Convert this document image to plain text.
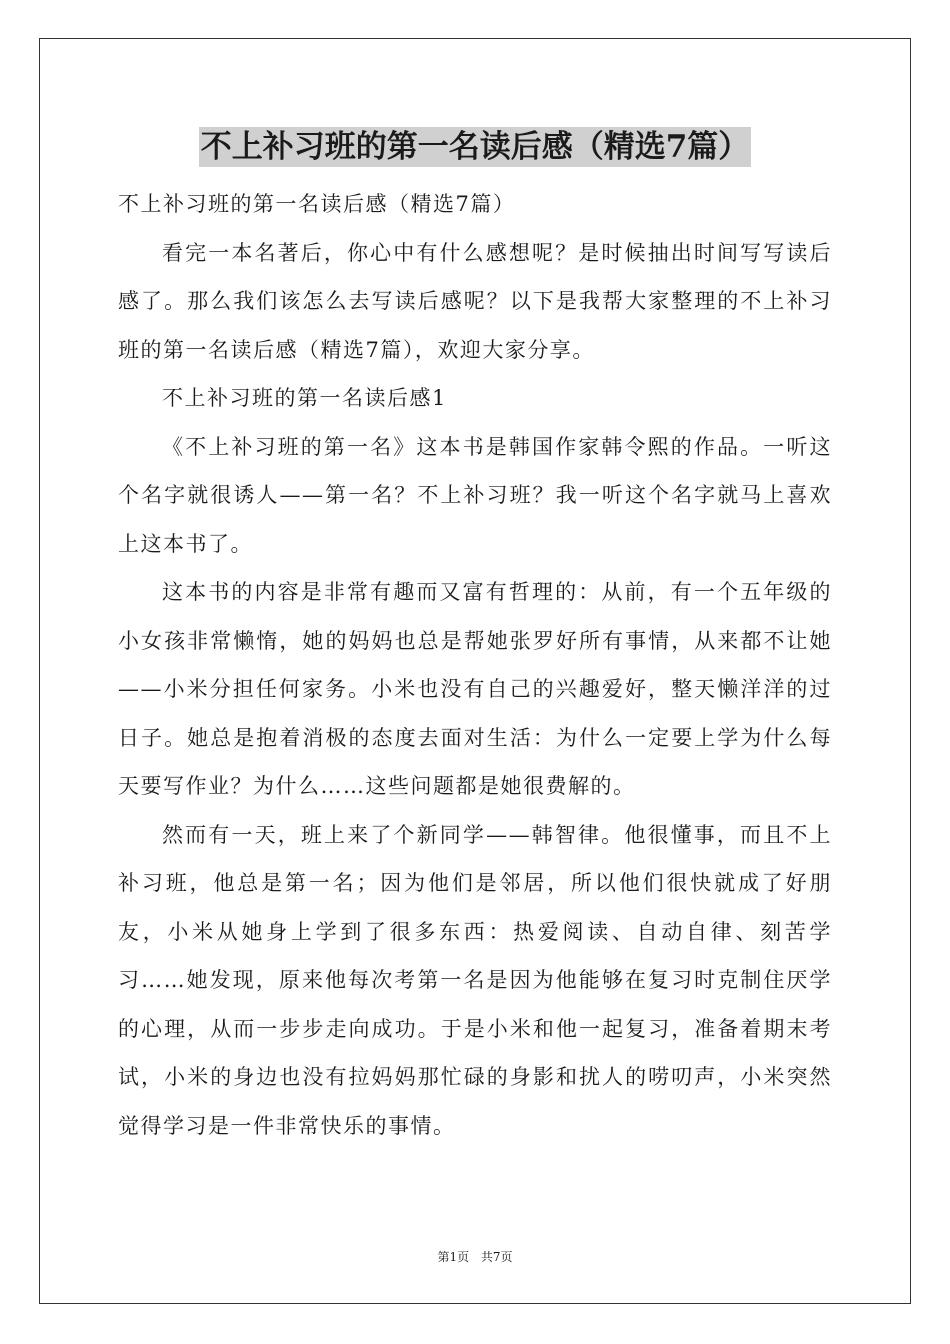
不上补习班的第一名读后感（精选7篇）

不上补习班的第一名读后感（精选7篇）

看完一本名著后，你心中有什么感想呢？是时候抽出时间写写读后感了。那么我们该怎么去写读后感呢？以下是我帮大家整理的不上补习班的第一名读后感（精选7篇），欢迎大家分享。

不上补习班的第一名读后感1

《不上补习班的第一名》这本书是韩国作家韩令熙的作品。一听这个名字就很诱人——第一名？不上补习班？我一听这个名字就马上喜欢上这本书了。

这本书的内容是非常有趣而又富有哲理的：从前，有一个五年级的小女孩非常懒惰，她的妈妈也总是帮她张罗好所有事情，从来都不让她——小米分担任何家务。小米也没有自己的兴趣爱好，整天懒洋洋的过日子。她总是抱着消极的态度去面对生活：为什么一定要上学为什么每天要写作业？为什么……这些问题都是她很费解的。

然而有一天，班上来了个新同学——韩智律。他很懂事，而且不上补习班，他总是第一名；因为他们是邻居，所以他们很快就成了好朋友，小米从她身上学到了很多东西：热爱阅读、自动自律、刻苦学习……她发现，原来他每次考第一名是因为他能够在复习时克制住厌学的心理，从而一步步走向成功。于是小米和他一起复习，准备着期末考试，小米的身边也没有拉妈妈那忙碌的身影和扰人的唠叨声，小米突然觉得学习是一件非常快乐的事情。

第1页 共7页
